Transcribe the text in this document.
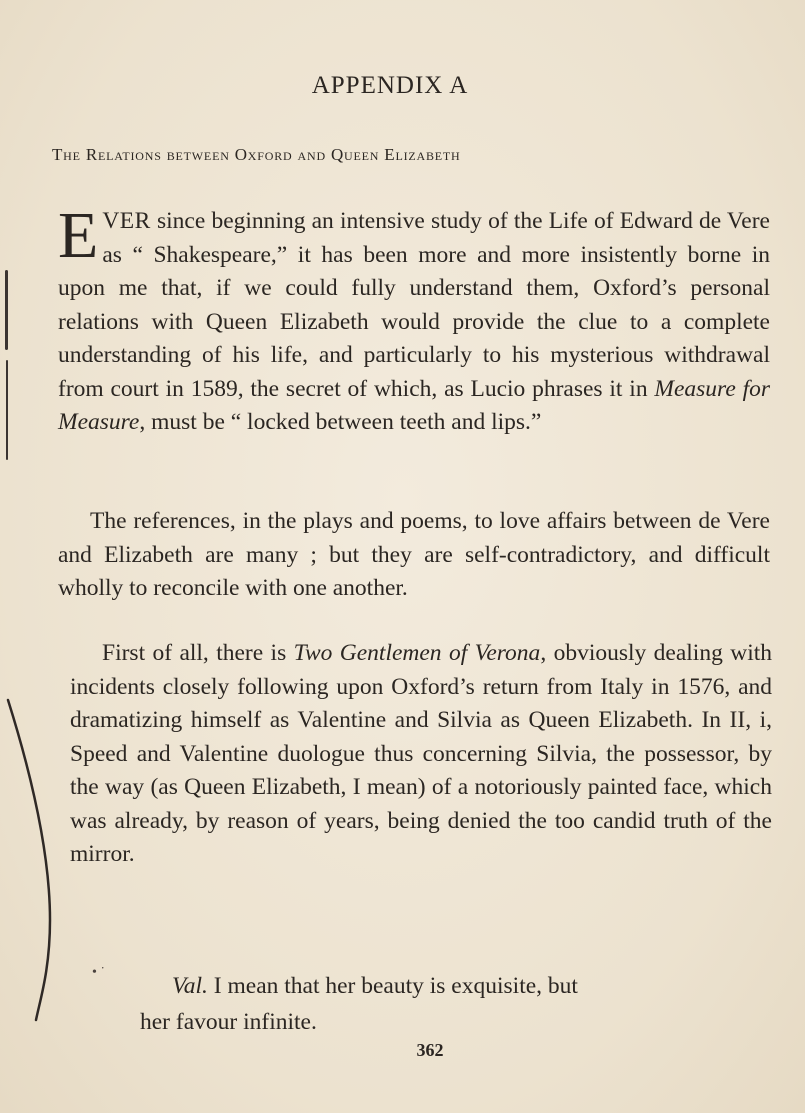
APPENDIX A
The Relations between Oxford and Queen Elizabeth
EVER since beginning an intensive study of the Life of Edward de Vere as “ Shakespeare,” it has been more and more insistently borne in upon me that, if we could fully understand them, Oxford’s personal relations with Queen Elizabeth would provide the clue to a complete understanding of his life, and particularly to his mysterious withdrawal from court in 1589, the secret of which, as Lucio phrases it in Measure for Measure, must be “ locked between teeth and lips.”
The references, in the plays and poems, to love affairs between de Vere and Elizabeth are many ; but they are self-contradictory, and difficult wholly to reconcile with one another.
First of all, there is Two Gentlemen of Verona, obviously dealing with incidents closely following upon Oxford’s return from Italy in 1576, and dramatizing himself as Valentine and Silvia as Queen Elizabeth. In II, i, Speed and Valentine duologue thus concerning Silvia, the possessor, by the way (as Queen Elizabeth, I mean) of a notoriously painted face, which was already, by reason of years, being denied the too candid truth of the mirror.
• ˙
Val. I mean that her beauty is exquisite, but
her favour infinite.
362
